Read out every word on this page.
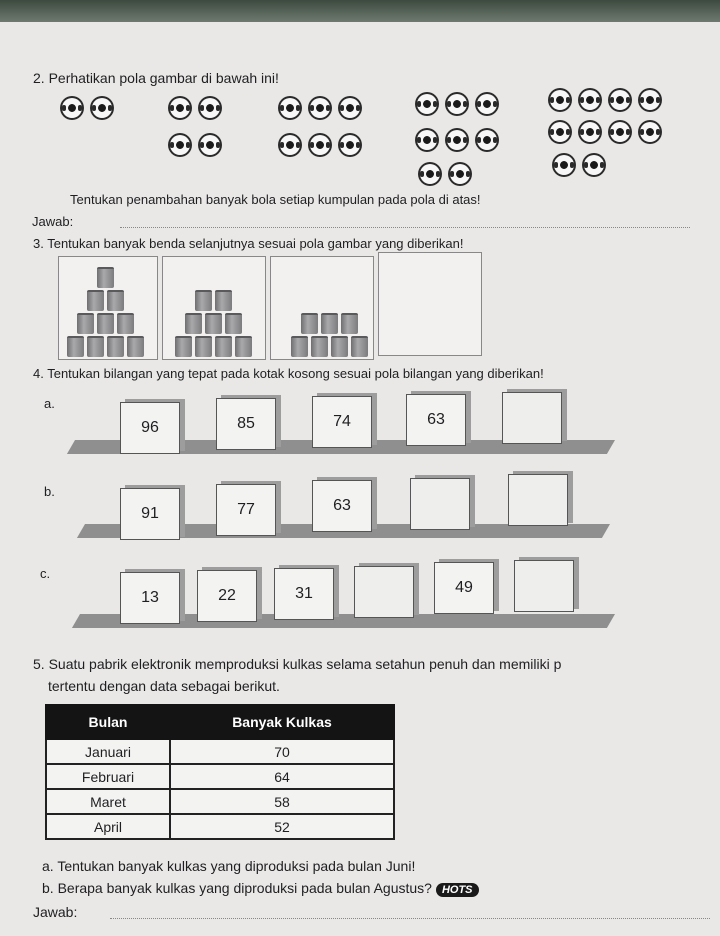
2. Perhatikan pola gambar di bawah ini!
Tentukan penambahan banyak bola setiap kumpulan pada pola di atas!
Jawab:
3. Tentukan banyak benda selanjutnya sesuai pola gambar yang diberikan!
4. Tentukan bilangan yang tepat pada kotak kosong sesuai pola bilangan yang diberikan!
a.
96	85	74	63
b.
91	77	63
c.
13	22	31	49
5. Suatu pabrik elektronik memproduksi kulkas selama setahun penuh dan memiliki p
tertentu dengan data sebagai berikut.
Bulan	Banyak Kulkas
Januari	70
Februari	64
Maret	58
April	52
a. Tentukan banyak kulkas yang diproduksi pada bulan Juni!
b. Berapa banyak kulkas yang diproduksi pada bulan Agustus? HOTS
Jawab:
